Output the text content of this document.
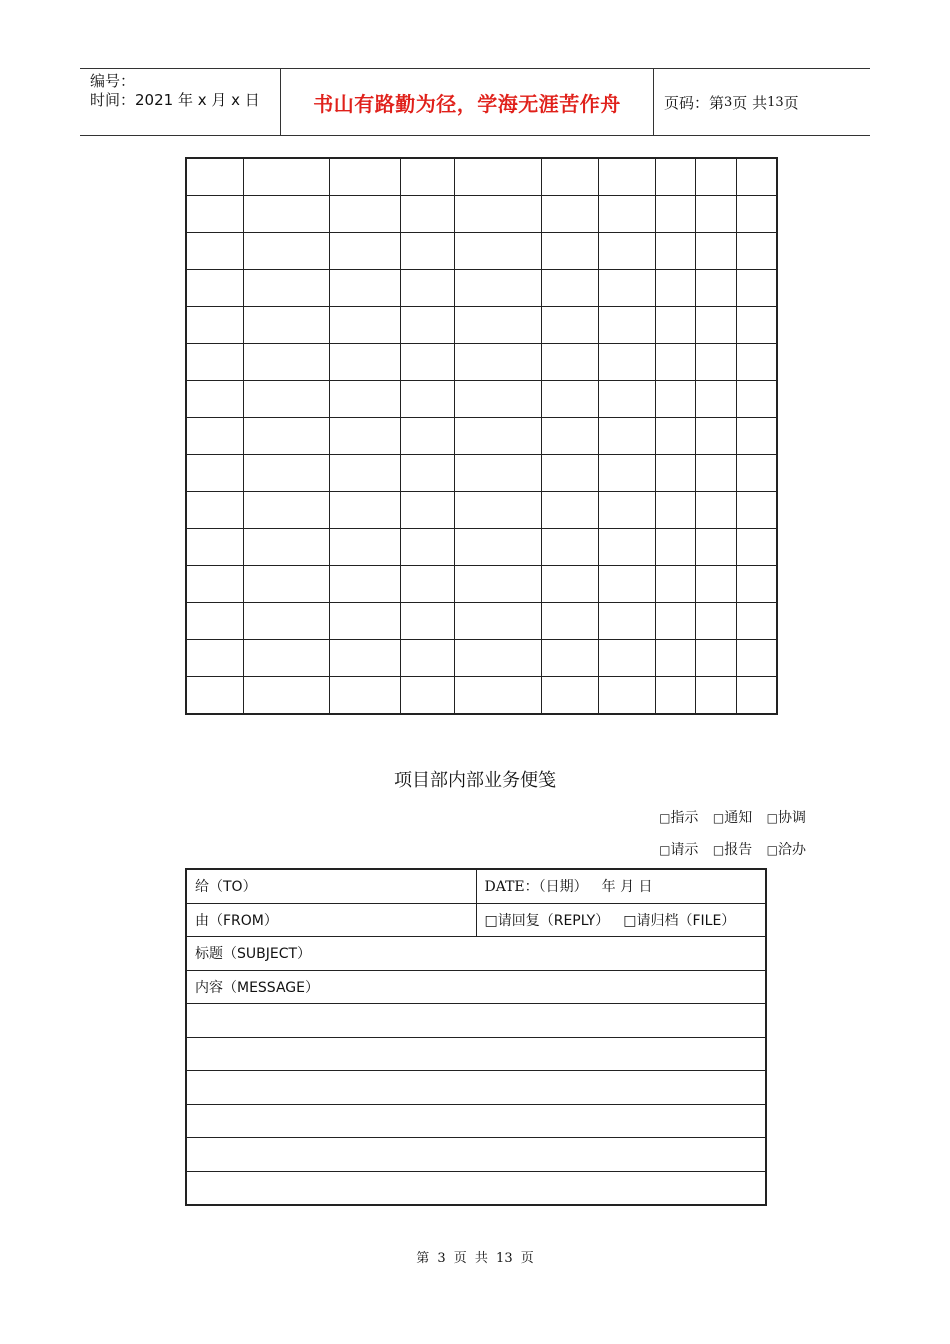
编号：
时间：2021 年 x 月 x 日	书山有路勤为径，学海无涯苦作舟	页码：第 3 页 共 13 页

项目部内部业务便笺
□指示 □通知 □协调
□请示 □报告 □洽办
给（TO）	DATE：（日期） 年 月 日
由（FROM）	□请回复（REPLY） □请归档（FILE）
标题（SUBJECT）	
内容（MESSAGE）	

第 3 页 共 13 页
